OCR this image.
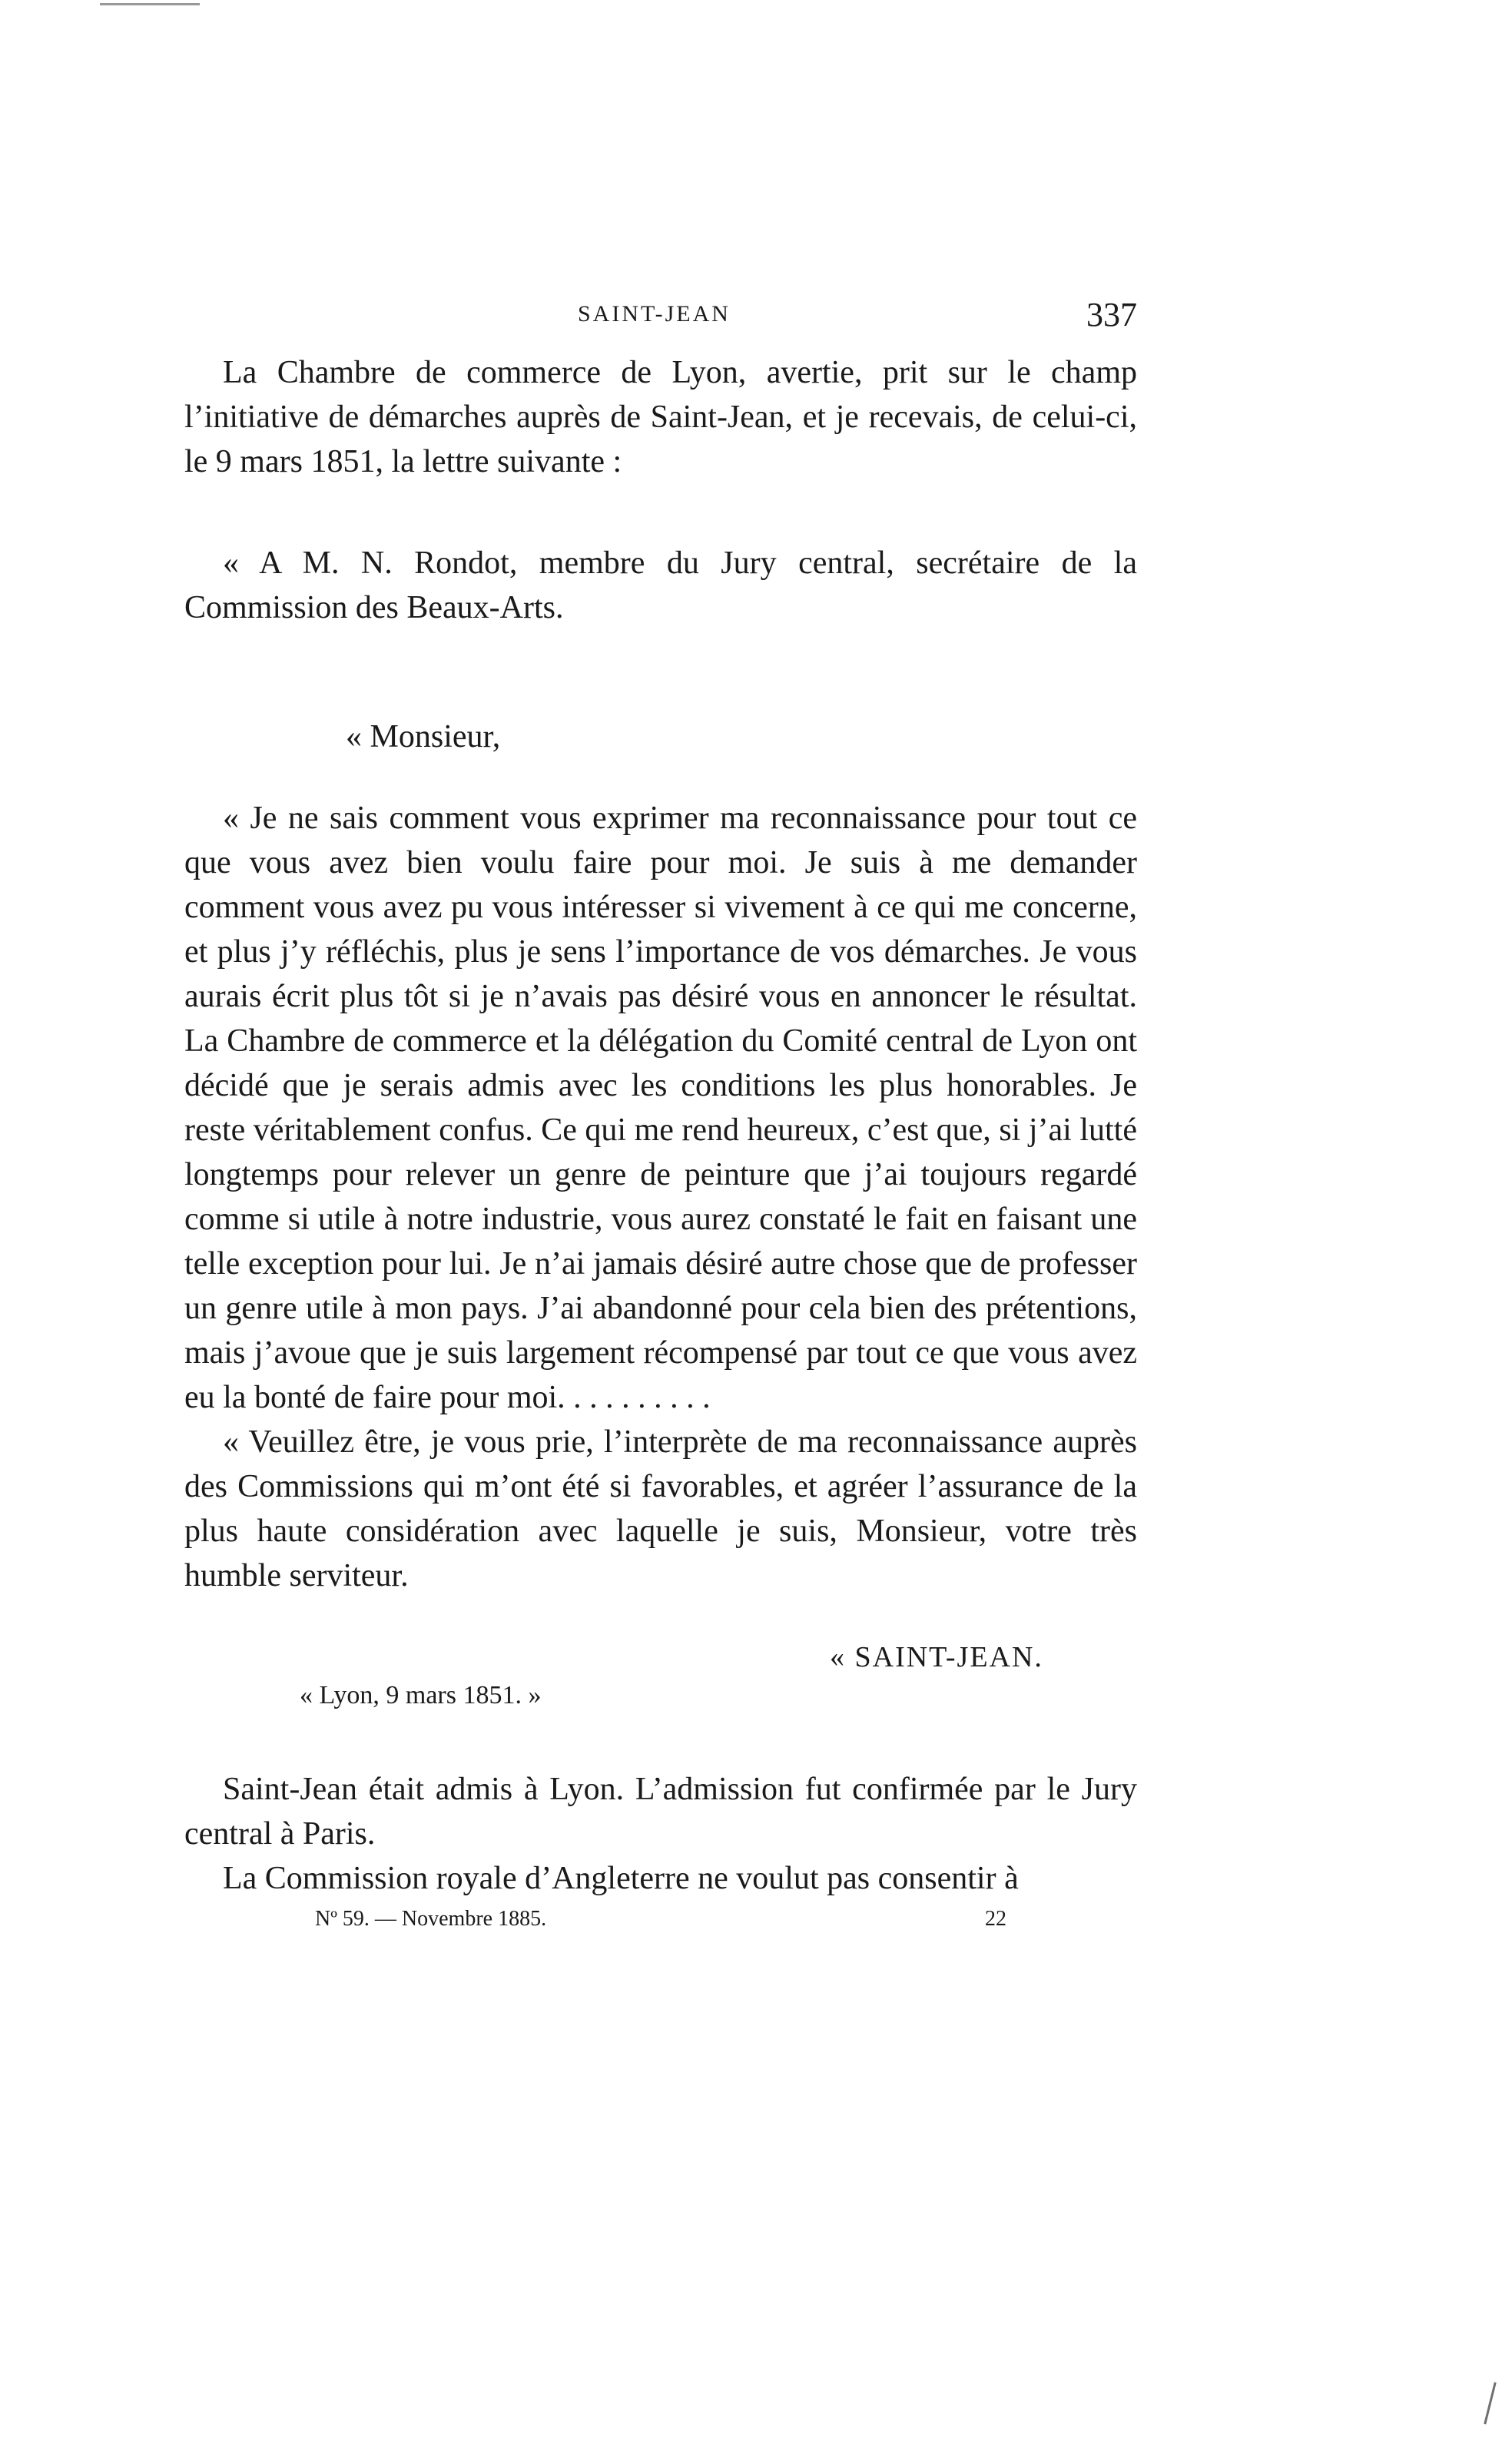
SAINT-JEAN	337

La Chambre de commerce de Lyon, avertie, prit sur le champ l’initiative de démarches auprès de Saint-Jean, et je recevais, de celui-ci, le 9 mars 1851, la lettre suivante :

« A M. N. Rondot, membre du Jury central, secrétaire de la Commission des Beaux-Arts.

« Monsieur,

« Je ne sais comment vous exprimer ma reconnaissance pour tout ce que vous avez bien voulu faire pour moi. Je suis à me demander comment vous avez pu vous intéresser si vivement à ce qui me concerne, et plus j’y réfléchis, plus je sens l’importance de vos démarches. Je vous aurais écrit plus tôt si je n’avais pas désiré vous en annoncer le résultat. La Chambre de commerce et la délégation du Comité central de Lyon ont décidé que je serais admis avec les conditions les plus honorables. Je reste véritablement confus. Ce qui me rend heureux, c’est que, si j’ai lutté longtemps pour relever un genre de peinture que j’ai toujours regardé comme si utile à notre industrie, vous aurez constaté le fait en faisant une telle exception pour lui. Je n’ai jamais désiré autre chose que de professer un genre utile à mon pays. J’ai abandonné pour cela bien des prétentions, mais j’avoue que je suis largement récompensé par tout ce que vous avez eu la bonté de faire pour moi. . . . . . . . . .

« Veuillez être, je vous prie, l’interprète de ma reconnaissance auprès des Commissions qui m’ont été si favorables, et agréer l’assurance de la plus haute considération avec laquelle je suis, Monsieur, votre très humble serviteur.

« SAINT-JEAN.
« Lyon, 9 mars 1851. »

Saint-Jean était admis à Lyon. L’admission fut confirmée par le Jury central à Paris.

La Commission royale d’Angleterre ne voulut pas consentir à

Nº 59. — Novembre 1885.	22
